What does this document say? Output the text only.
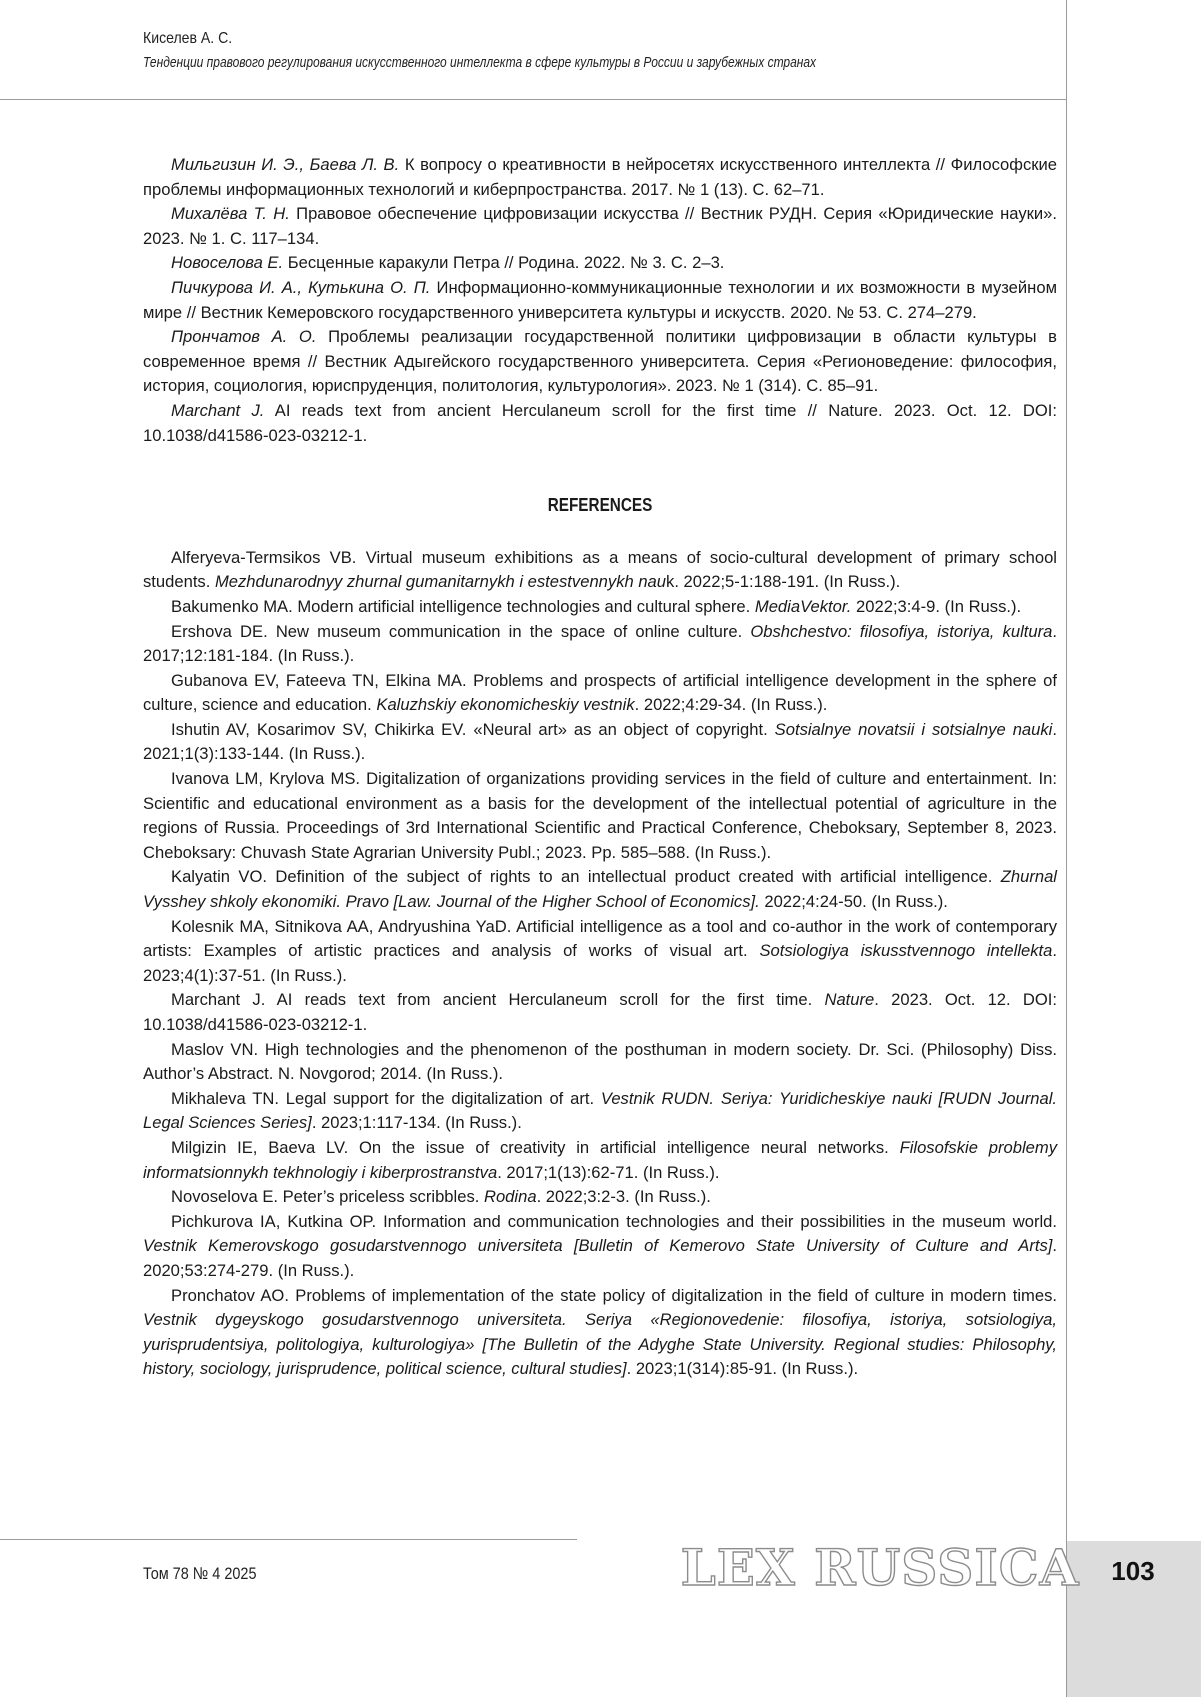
103
Киселев А. С.
Тенденции правового регулирования искусственного интеллекта в сфере культуры в России и зарубежных странах

Мильгизин И. Э., Баева Л. В. К вопросу о креативности в нейросетях искусственного интеллекта // Философские проблемы информационных технологий и киберпространства. 2017. № 1 (13). С. 62–71.

Михалёва Т. Н. Правовое обеспечение цифровизации искусства // Вестник РУДН. Серия «Юридические науки». 2023. № 1. С. 117–134.

Новоселова Е. Бесценные каракули Петра // Родина. 2022. № 3. С. 2–3.

Пичкурова И. А., Кутькина О. П. Информационно-коммуникационные технологии и их возможности в музейном мире // Вестник Кемеровского государственного университета культуры и искусств. 2020. № 53. С. 274–279.

Прончатов А. О. Проблемы реализации государственной политики цифровизации в области культуры в современное время // Вестник Адыгейского государственного университета. Серия «Регионоведение: философия, история, социология, юриспруденция, политология, культурология». 2023. № 1 (314). С. 85–91.

Marchant J. AI reads text from ancient Herculaneum scroll for the first time // Nature. 2023. Oct. 12. DOI: 10.1038/d41586-023-03212-1.

REFERENCES

Alferyeva-Termsikos VB. Virtual museum exhibitions as a means of socio-cultural development of primary school students. Mezhdunarodnyy zhurnal gumanitarnykh i estestvennykh nauk. 2022;5-1:188-191. (In Russ.).

Bakumenko MA. Modern artificial intelligence technologies and cultural sphere. MediaVektor. 2022;3:4-9. (In Russ.).

Ershova DE. New museum communication in the space of online culture. Obshchestvo: filosofiya, istoriya, kultura. 2017;12:181-184. (In Russ.).

Gubanova EV, Fateeva TN, Elkina MA. Problems and prospects of artificial intelligence development in the sphere of culture, science and education. Kaluzhskiy ekonomicheskiy vestnik. 2022;4:29-34. (In Russ.).

Ishutin AV, Kosarimov SV, Chikirka EV. «Neural art» as an object of copyright. Sotsialnye novatsii i sotsialnye nauki. 2021;1(3):133-144. (In Russ.).

Ivanova LM, Krylova MS. Digitalization of organizations providing services in the field of culture and entertainment. In: Scientific and educational environment as a basis for the development of the intellectual potential of agriculture in the regions of Russia. Proceedings of 3rd International Scientific and Practical Conference, Cheboksary, September 8, 2023. Cheboksary: Chuvash State Agrarian University Publ.; 2023. Pp. 585–588. (In Russ.).

Kalyatin VO. Definition of the subject of rights to an intellectual product created with artificial intelligence. Zhurnal Vysshey shkoly ekonomiki. Pravo [Law. Journal of the Higher School of Economics]. 2022;4:24-50. (In Russ.).

Kolesnik MA, Sitnikova AA, Andryushina YaD. Artificial intelligence as a tool and co-author in the work of contemporary artists: Examples of artistic practices and analysis of works of visual art. Sotsiologiya iskusstvennogo intellekta. 2023;4(1):37-51. (In Russ.).

Marchant J. AI reads text from ancient Herculaneum scroll for the first time. Nature. 2023. Oct. 12. DOI: 10.1038/d41586-023-03212-1.

Maslov VN. High technologies and the phenomenon of the posthuman in modern society. Dr. Sci. (Philosophy) Diss. Author’s Abstract. N. Novgorod; 2014. (In Russ.).

Mikhaleva TN. Legal support for the digitalization of art. Vestnik RUDN. Seriya: Yuridicheskiye nauki [RUDN Journal. Legal Sciences Series]. 2023;1:117-134. (In Russ.).

Milgizin IE, Baeva LV. On the issue of creativity in artificial intelligence neural networks. Filosofskie problemy informatsionnykh tekhnologiy i kiberprostranstva. 2017;1(13):62-71. (In Russ.).

Novoselova E. Peter’s priceless scribbles. Rodina. 2022;3:2-3. (In Russ.).

Pichkurova IA, Kutkina OP. Information and communication technologies and their possibilities in the museum world. Vestnik Kemerovskogo gosudarstvennogo universiteta [Bulletin of Kemerovo State University of Culture and Arts]. 2020;53:274-279. (In Russ.).

Pronchatov AO. Problems of implementation of the state policy of digitalization in the field of culture in modern times. Vestnik dygeyskogo gosudarstvennogo universiteta. Seriya «Regionovedenie: filosofiya, istoriya, sotsiologiya, yurisprudentsiya, politologiya, kulturologiya» [The Bulletin of the Adyghe State University. Regional studies: Philosophy, history, sociology, jurisprudence, political science, cultural studies]. 2023;1(314):85-91. (In Russ.).

Том 78 № 4 2025	LEX RUSSICA
